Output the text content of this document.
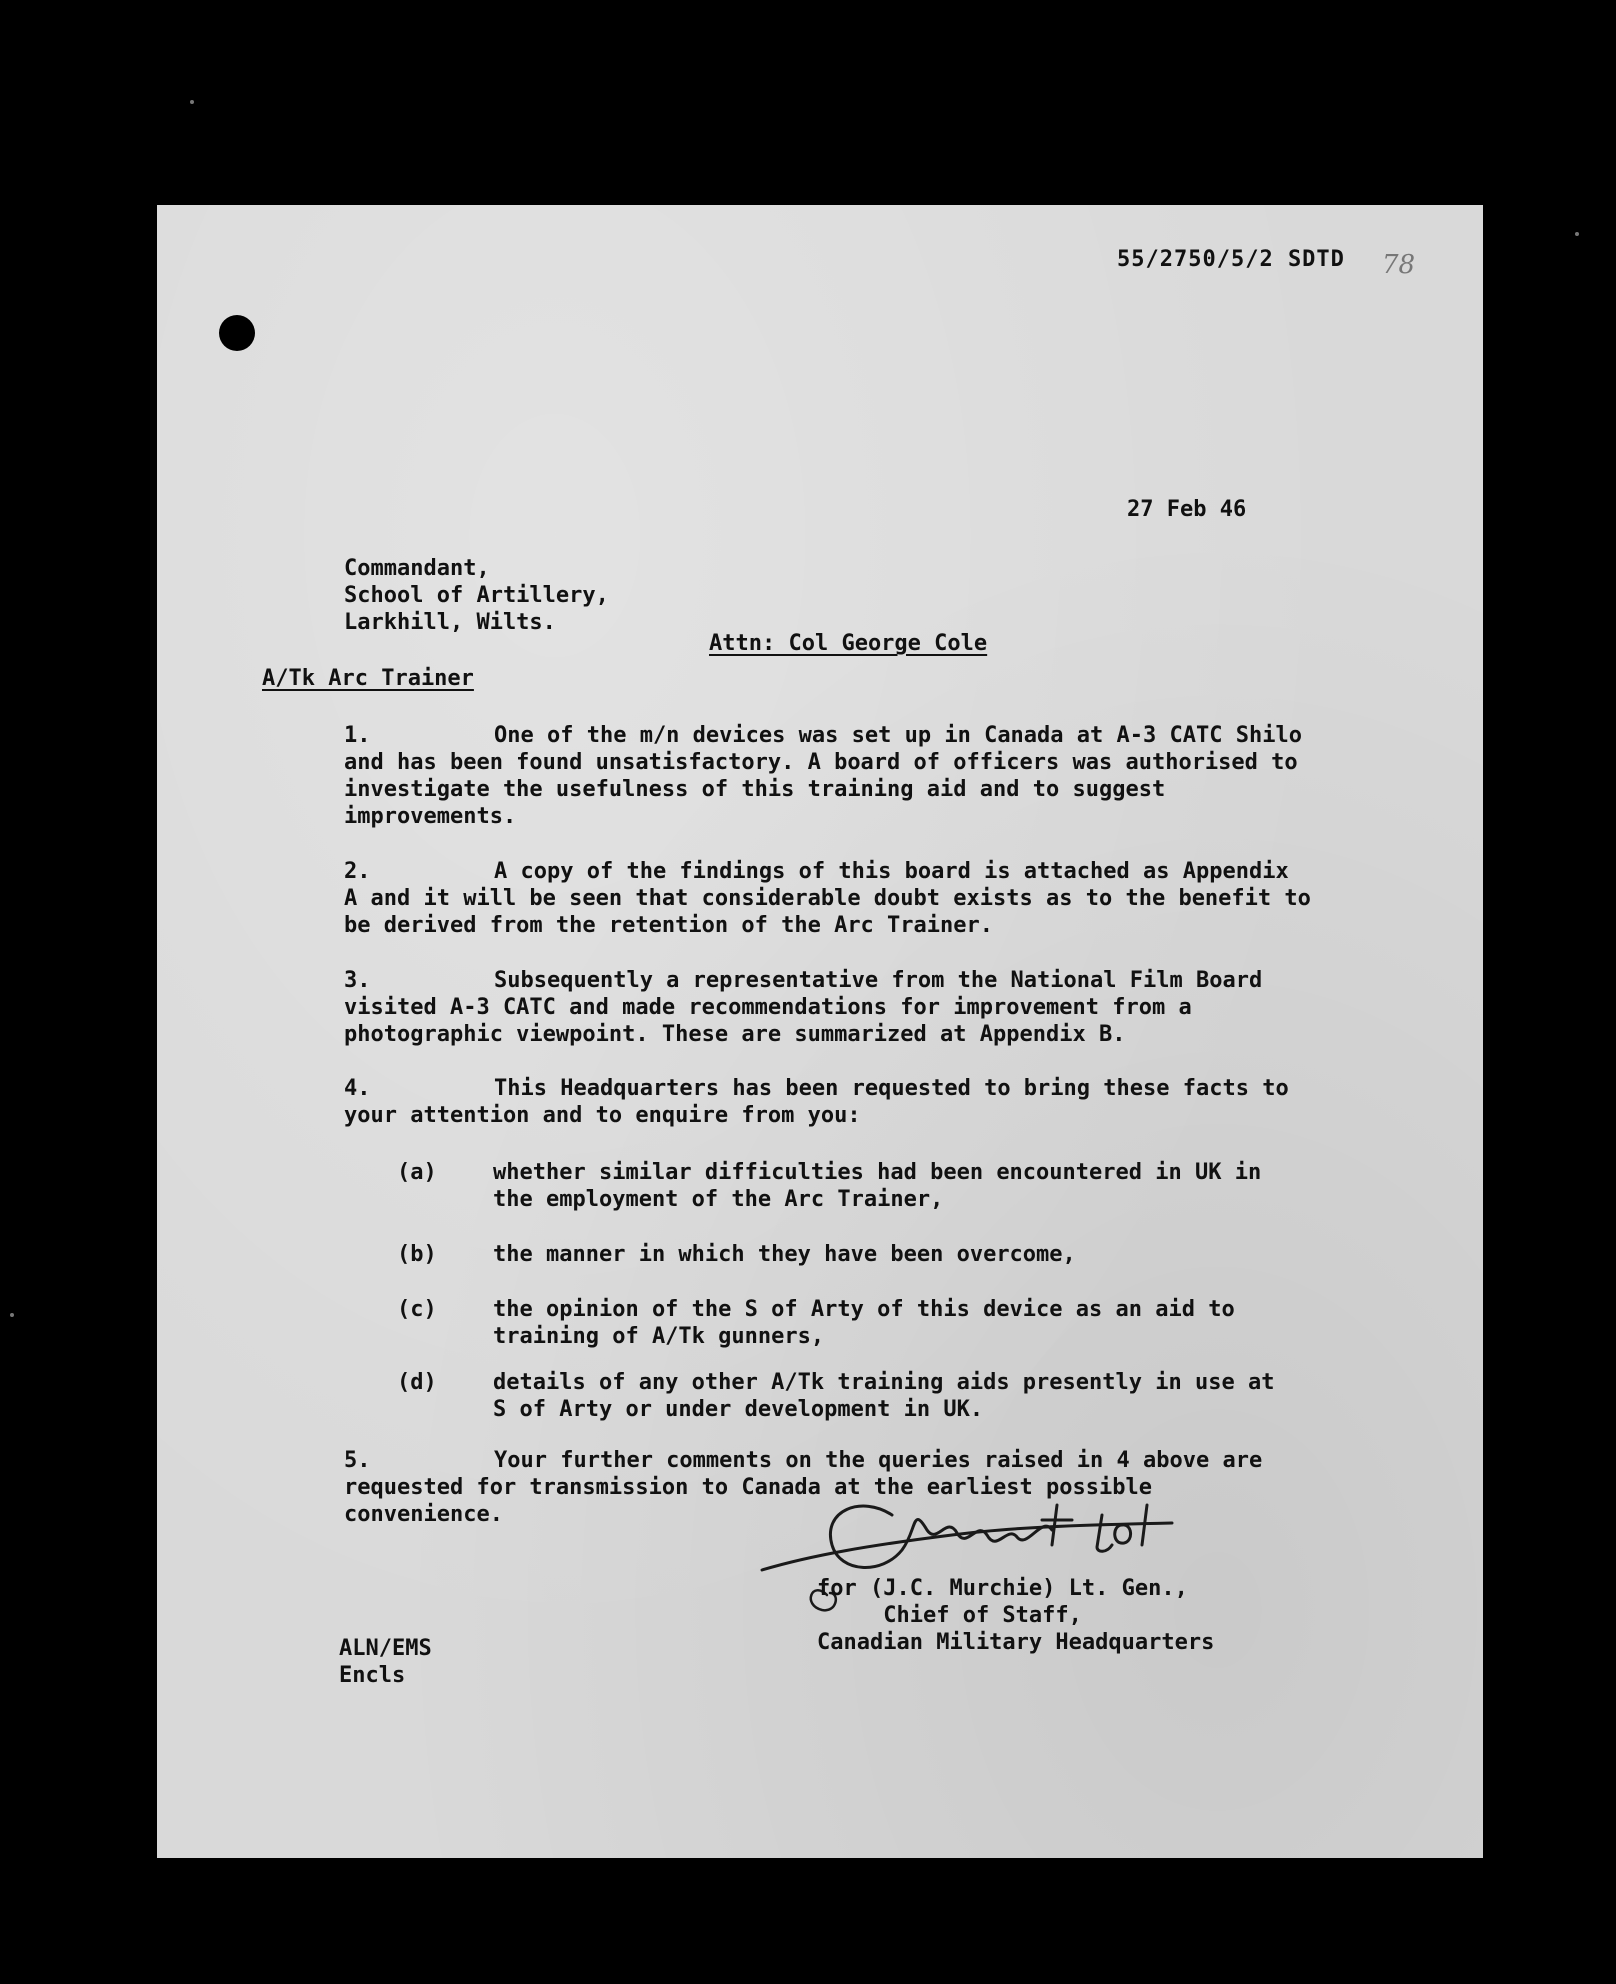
55/2750/5/2 SDTD 78
27 Feb 46
Commandant,
School of Artillery,
Larkhill, Wilts.
Attn: Col George Cole
A/Tk Arc Trainer
1.	One of the m/n devices was set up in Canada at A-3 CATC Shilo and has been found unsatisfactory. A board of officers was authorised to investigate the usefulness of this training aid and to suggest improvements.
2.	A copy of the findings of this board is attached as Appendix A and it will be seen that considerable doubt exists as to the benefit to be derived from the retention of the Arc Trainer.
3.	Subsequently a representative from the National Film Board visited A-3 CATC and made recommendations for improvement from a photographic viewpoint. These are summarized at Appendix B.
4.	This Headquarters has been requested to bring these facts to your attention and to enquire from you:
(a)	whether similar difficulties had been encountered in UK in the employment of the Arc Trainer,
(b)	the manner in which they have been overcome,
(c)	the opinion of the S of Arty of this device as an aid to training of A/Tk gunners,
(d)	details of any other A/Tk training aids presently in use at S of Arty or under development in UK.
5.	Your further comments on the queries raised in 4 above are requested for transmission to Canada at the earliest possible convenience.
for (J.C. Murchie) Lt. Gen.,
Chief of Staff,
Canadian Military Headquarters
ALN/EMS
Encls
